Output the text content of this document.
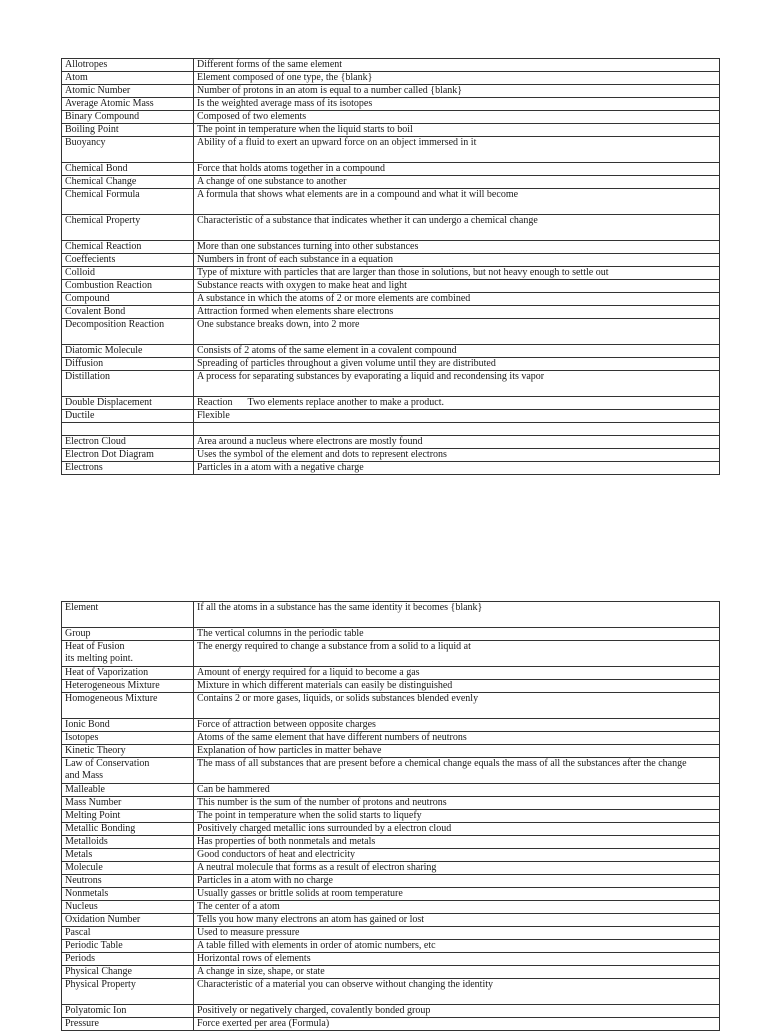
Allotropes	Different forms of the same element
Atom	Element composed of one type, the {blank}
Atomic Number	Number of protons in an atom is equal to a number called {blank}
Average Atomic Mass	Is the weighted average mass of its isotopes
Binary Compound	Composed of two elements
Boiling Point	The point in temperature when the liquid starts to boil
Buoyancy	Ability of a fluid to exert an upward force on an object immersed in it
Chemical Bond	Force that holds atoms together in a compound
Chemical Change	A change of one substance to another
Chemical Formula	A formula that shows what elements are in a compound and what it will become
Chemical Property	Characteristic of a substance that indicates whether it can undergo a chemical change
Chemical Reaction	More than one substances turning into other substances
Coeffecients	Numbers in front of each substance in a equation
Colloid	Type of mixture with particles that are larger than those in solutions, but not heavy enough to settle out
Combustion Reaction	Substance reacts with oxygen to make heat and light
Compound	A substance in which the atoms of 2 or more elements are combined
Covalent Bond	Attraction formed when elements share electrons
Decomposition Reaction	One substance breaks down, into 2 more
Diatomic Molecule	Consists of 2 atoms of the same element in a covalent compound
Diffusion	Spreading of particles throughout a given volume until they are distributed
Distillation	A process for separating substances by evaporating a liquid and recondensing its vapor
Double Displacement	Reaction      Two elements replace another to make a product.
Ductile	Flexible

Electron Cloud	Area around a nucleus where electrons are mostly found
Electron Dot Diagram	Uses the symbol of the element and dots to represent electrons
Electrons	Particles in a atom with a negative charge
Element	If all the atoms in a substance has the same identity it becomes {blank}
Group	The vertical columns in the periodic table
Heat of Fusion
its melting point.	The energy required to change a substance from a solid to a liquid at
Heat of Vaporization	Amount of energy required for a liquid to become a gas
Heterogeneous Mixture	Mixture in which different materials can easily be distinguished
Homogeneous Mixture	Contains 2 or more gases, liquids, or solids substances blended evenly
Ionic Bond	Force of attraction between opposite charges
Isotopes	Atoms of the same element that have different numbers of neutrons
Kinetic Theory	Explanation of how particles in matter behave
Law of Conservation
and Mass	The mass of all substances that are present before a chemical change equals the mass of all the substances after the change
Malleable	Can be hammered
Mass Number	This number is the sum of the number of protons and neutrons
Melting Point	The point in temperature when the solid starts to liquefy
Metallic Bonding	Positively charged metallic ions surrounded by a electron cloud
Metalloids	Has properties of both nonmetals and metals
Metals	Good conductors of heat and electricity
Molecule	A neutral molecule that forms as a result of electron sharing
Neutrons	Particles in a atom with no charge
Nonmetals	Usually gasses or brittle solids at room temperature
Nucleus	The center of a atom
Oxidation Number	Tells you how many electrons an atom has gained or lost
Pascal	Used to measure pressure
Periodic Table	A table filled with elements in order of atomic numbers, etc
Periods	Horizontal rows of elements
Physical Change	A change in size, shape, or state
Physical Property	Characteristic of a material you can observe without changing the identity
Polyatomic Ion	Positively or negatively charged, covalently bonded group
Pressure	Force exerted per area (Formula)
